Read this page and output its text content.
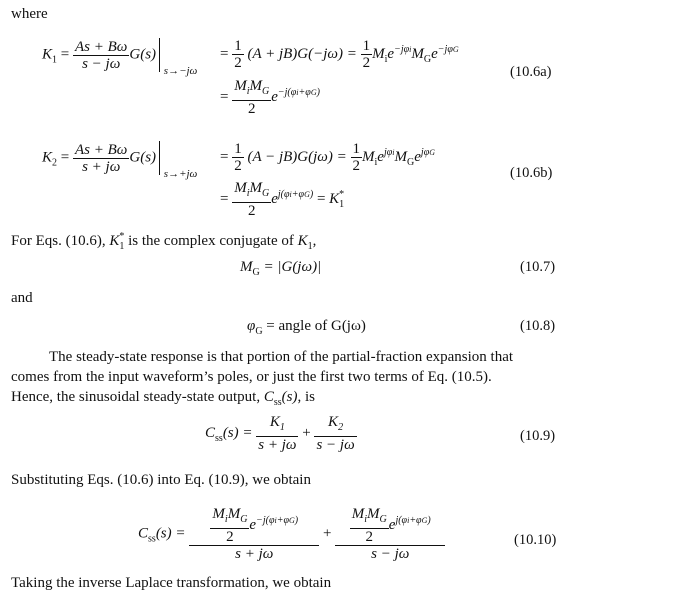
where
$K_1 = \frac{As + B\omega}{s - j\omega} G(s)$ $_{s\to-j\omega}$
= $\frac{1}{2} (A + jB)G(-j\omega) = \frac{1}{2} M_ie^{-j\varphi i}M_Ge^{-j\varphi G}$
= $\frac{M_iM_G}{2} e^{-j(\varphi i+\varphi G)}$
(10.6a)
$K_2 = \frac{As + B\omega}{s + j\omega} G(s)$ $_{s\to+j\omega}$
= $\frac{1}{2} (A - jB)G(j\omega) = \frac{1}{2} M_ie^{j\varphi i}M_Ge^{j\varphi G}$
= $\frac{M_iM_G}{2} e^{j(\varphi i+\varphi G)} = K^*_1$
(10.6b)
For Eqs. (10.6), $K^*_1$ is the complex conjugate of $K_1$,
$M_G = |G(j\omega)|$	(10.7)
and
$\varphi_G$ = angle of G(jω)	(10.8)
The steady-state response is that portion of the partial-fraction expansion that
comes from the input waveform’s poles, or just the first two terms of Eq. (10.5).
Hence, the sinusoidal steady-state output, $C_{ss}(s)$, is
$C_{ss}(s) = \frac{K_1}{s + j\omega} + \frac{K_2}{s - j\omega}$	(10.9)
Substituting Eqs. (10.6) into Eq. (10.9), we obtain
$C_{ss}(s) = \frac{\frac{M_iM_G}{2} e^{-j(\varphi i+\varphi G)}}{s + j\omega} + \frac{\frac{M_iM_G}{2} e^{j(\varphi i+\varphi G)}}{s - j\omega}$	(10.10)
Taking the inverse Laplace transformation, we obtain
